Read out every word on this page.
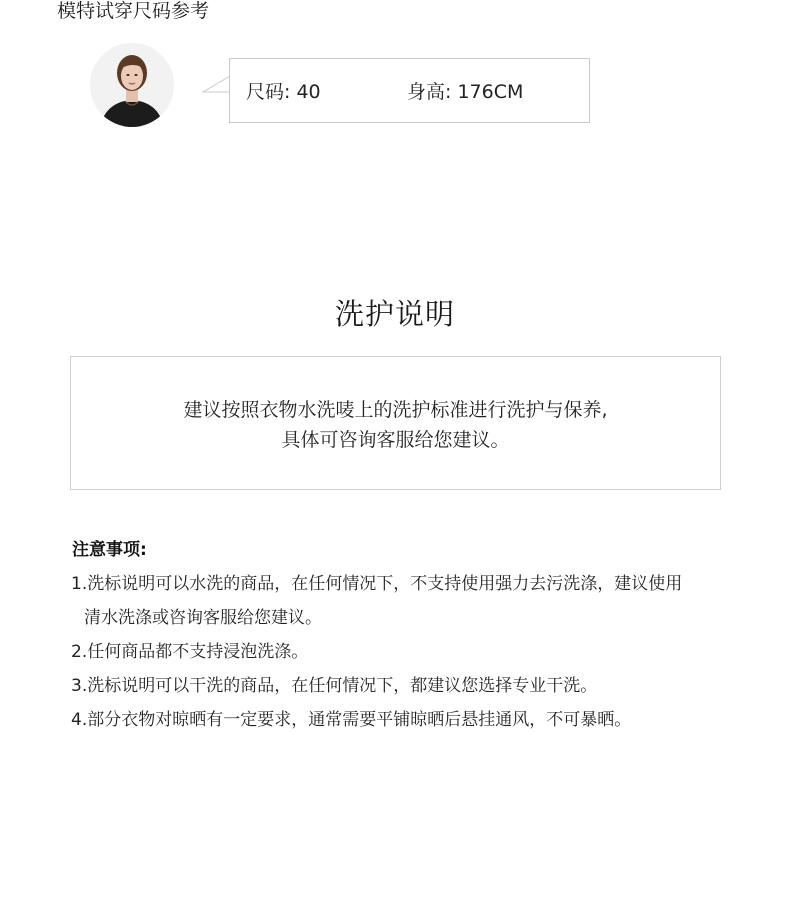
模特试穿尺码参考
尺码: 40	身高: 176CM
洗护说明
建议按照衣物水洗唛上的洗护标准进行洗护与保养,
具体可咨询客服给您建议。
注意事项:
1.洗标说明可以水洗的商品，在任何情况下，不支持使用强力去污洗涤，建议使用
清水洗涤或咨询客服给您建议。
2.任何商品都不支持浸泡洗涤。
3.洗标说明可以干洗的商品，在任何情况下，都建议您选择专业干洗。
4.部分衣物对晾晒有一定要求，通常需要平铺晾晒后悬挂通风，不可暴晒。
